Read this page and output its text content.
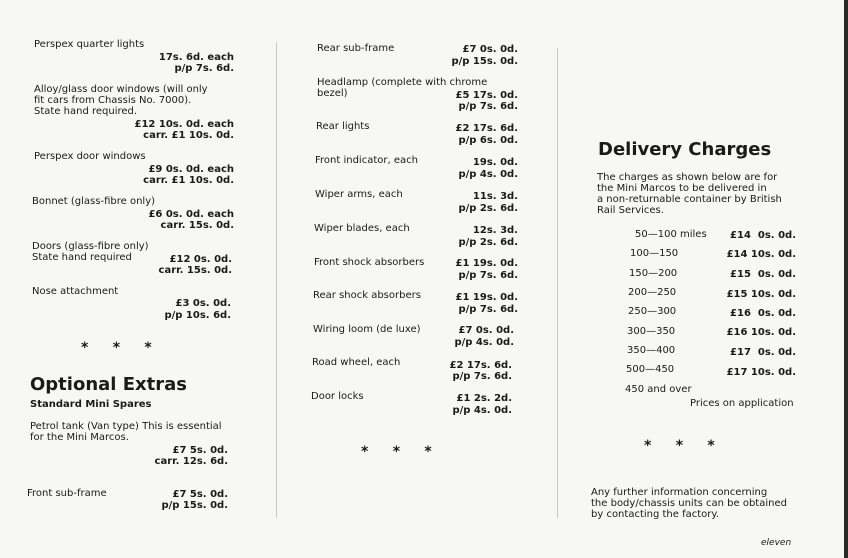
Perspex quarter lights
17s. 6d. each
p/p 7s. 6d.
Alloy/glass door windows (will only
fit cars from Chassis No. 7000).
State hand required.
£12 10s. 0d. each
carr. £1 10s. 0d.
Perspex door windows
£9 0s. 0d. each
carr. £1 10s. 0d.
Bonnet (glass-fibre only)
£6 0s. 0d. each
carr. 15s. 0d.
Doors (glass-fibre only)
State hand required	£12 0s. 0d.
carr. 15s. 0d.
Nose attachment
£3 0s. 0d.
p/p 10s. 6d.
*     *     *
Optional Extras
Standard Mini Spares
Petrol tank (Van type) This is essential
for the Mini Marcos.
£7 5s. 0d.
carr. 12s. 6d.
Front sub-frame	£7 5s. 0d.
p/p 15s. 0d.
Rear sub-frame	£7 0s. 0d.
p/p 15s. 0d.
Headlamp (complete with chrome
bezel)	£5 17s. 0d.
p/p 7s. 6d.
Rear lights	£2 17s. 6d.
p/p 6s. 0d.
Front indicator, each	19s. 0d.
p/p 4s. 0d.
Wiper arms, each	11s. 3d.
p/p 2s. 6d.
Wiper blades, each	12s. 3d.
p/p 2s. 6d.
Front shock absorbers	£1 19s. 0d.
p/p 7s. 6d.
Rear shock absorbers	£1 19s. 0d.
p/p 7s. 6d.
Wiring loom (de luxe)	£7 0s. 0d.
p/p 4s. 0d.
Road wheel, each	£2 17s. 6d.
p/p 7s. 6d.
Door locks	£1 2s. 2d.
p/p 4s. 0d.
*     *     *
Delivery Charges
The charges as shown below are for
the Mini Marcos to be delivered in
a non-returnable container by British
Rail Services.
50—100 miles £14  0s. 0d.
100—150	£14 10s. 0d.
150—200	£15  0s. 0d.
200—250	£15 10s. 0d.
250—300	£16  0s. 0d.
300—350	£16 10s. 0d.
350—400	£17  0s. 0d.
500—450	£17 10s. 0d.
450 and over
Prices on application
*     *     *
Any further information concerning
the body/chassis units can be obtained
by contacting the factory.
eleven
